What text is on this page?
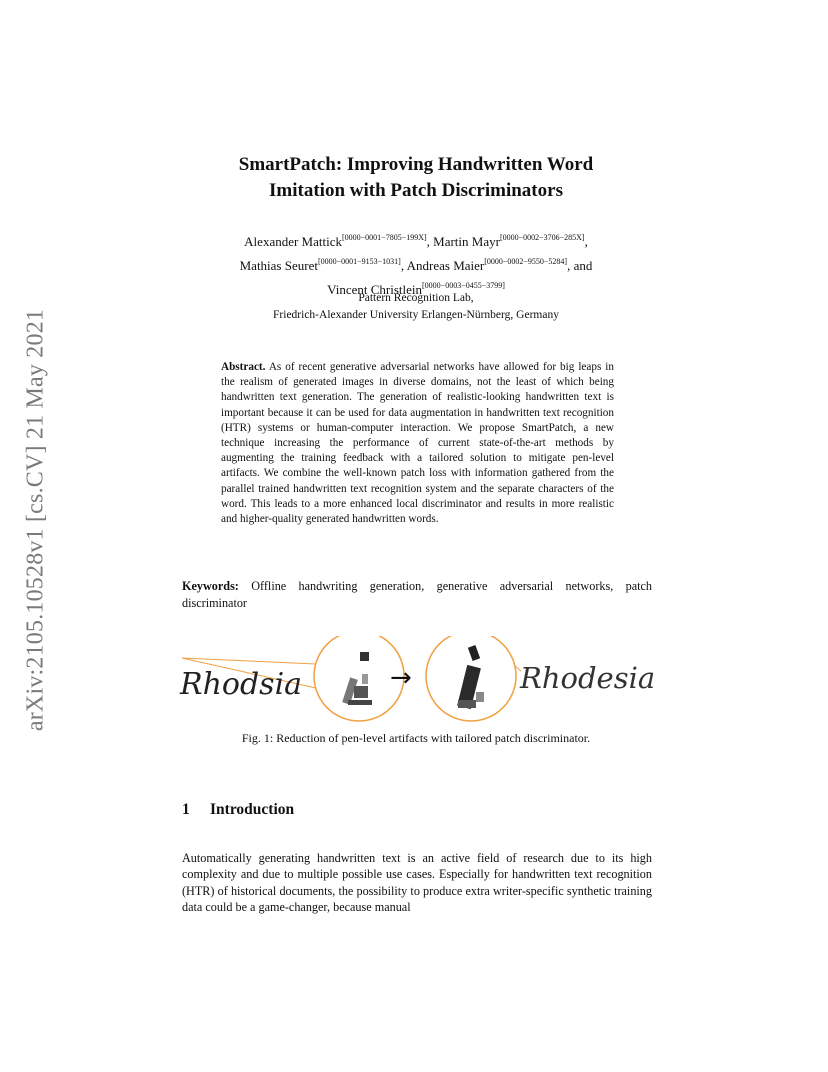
arXiv:2105.10528v1 [cs.CV] 21 May 2021
SmartPatch: Improving Handwritten Word
Imitation with Patch Discriminators
Alexander Mattick[0000−0001−7805−199X], Martin Mayr[0000−0002−3706−285X],
Mathias Seuret[0000−0001−9153−1031], Andreas Maier[0000−0002−9550−5284], and
Vincent Christlein[0000−0003−0455−3799]
Pattern Recognition Lab,
Friedrich-Alexander University Erlangen-Nürnberg, Germany
Abstract. As of recent generative adversarial networks have allowed for big leaps in the realism of generated images in diverse domains, not the least of which being handwritten text generation. The generation of realistic-looking handwritten text is important because it can be used for data augmentation in handwritten text recognition (HTR) systems or human-computer interaction. We propose SmartPatch, a new technique increasing the performance of current state-of-the-art methods by augmenting the training feedback with a tailored solution to mitigate pen-level artifacts. We combine the well-known patch loss with information gathered from the parallel trained handwritten text recognition system and the separate characters of the word. This leads to a more enhanced local discriminator and results in more realistic and higher-quality generated handwritten words.
Keywords: Offline handwriting generation, generative adversarial networks, patch discriminator
Rhodsia	→	Rhodesia
Fig. 1: Reduction of pen-level artifacts with tailored patch discriminator.
1 Introduction
Automatically generating handwritten text is an active field of research due to its high complexity and due to multiple possible use cases. Especially for handwritten text recognition (HTR) of historical documents, the possibility to produce extra writer-specific synthetic training data could be a game-changer, because manual
